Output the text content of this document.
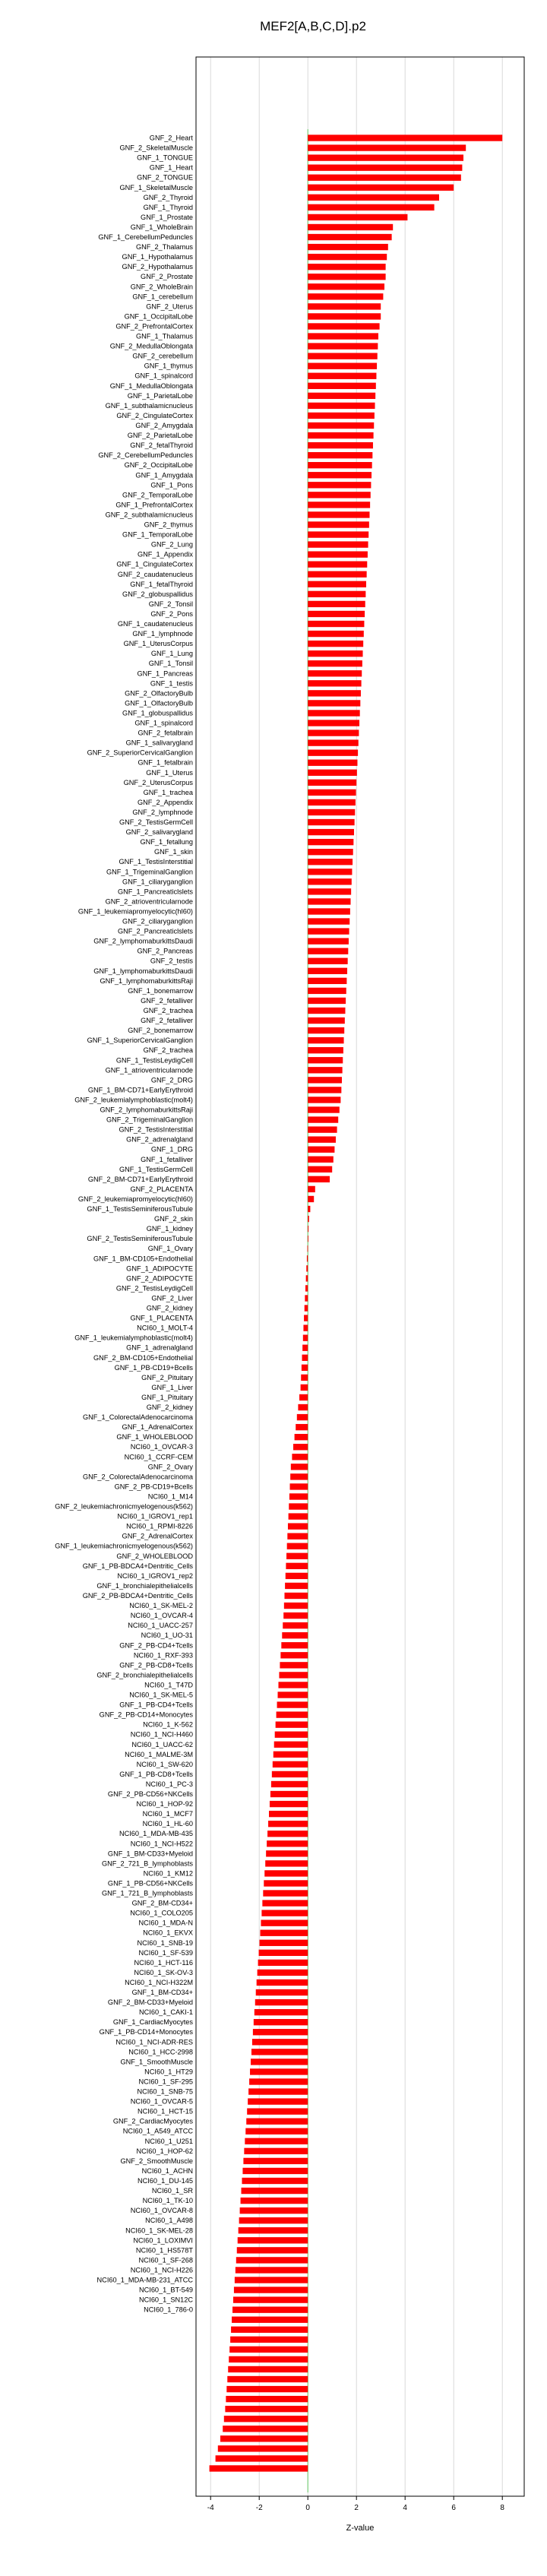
MEF2[A,B,C,D].p2
GNF_2_Heart
GNF_2_SkeletalMuscle
GNF_1_TONGUE
GNF_1_Heart
GNF_2_TONGUE
GNF_1_SkeletalMuscle
GNF_2_Thyroid
GNF_1_Thyroid
GNF_1_Prostate
GNF_1_WholeBrain
GNF_1_CerebellumPeduncles
GNF_2_Thalamus
GNF_1_Hypothalamus
GNF_2_Hypothalamus
GNF_2_Prostate
GNF_2_WholeBrain
GNF_1_cerebellum
GNF_2_Uterus
GNF_1_OccipitalLobe
GNF_2_PrefrontalCortex
GNF_1_Thalamus
GNF_2_MedullaOblongata
GNF_2_cerebellum
GNF_1_thymus
GNF_1_spinalcord
GNF_1_MedullaOblongata
GNF_1_ParietalLobe
GNF_1_subthalamicnucleus
GNF_2_CingulateCortex
GNF_2_Amygdala
GNF_2_ParietalLobe
GNF_2_fetalThyroid
GNF_2_CerebellumPeduncles
GNF_2_OccipitalLobe
GNF_1_Amygdala
GNF_1_Pons
GNF_2_TemporalLobe
GNF_1_PrefrontalCortex
GNF_2_subthalamicnucleus
GNF_2_thymus
GNF_1_TemporalLobe
GNF_2_Lung
GNF_1_Appendix
GNF_1_CingulateCortex
GNF_2_caudatenucleus
GNF_1_fetalThyroid
GNF_2_globuspallidus
GNF_2_Tonsil
GNF_2_Pons
GNF_1_caudatenucleus
GNF_1_lymphnode
GNF_1_UterusCorpus
GNF_1_Lung
GNF_1_Tonsil
GNF_1_Pancreas
GNF_1_testis
GNF_2_OlfactoryBulb
GNF_1_OlfactoryBulb
GNF_1_globuspallidus
GNF_1_spinalcord
GNF_2_fetalbrain
GNF_1_salivarygland
GNF_2_SuperiorCervicalGanglion
GNF_1_fetalbrain
GNF_1_Uterus
GNF_2_UterusCorpus
GNF_1_trachea
GNF_2_Appendix
GNF_2_lymphnode
GNF_2_TestisGermCell
GNF_2_salivarygland
GNF_1_fetallung
GNF_1_skin
GNF_1_TestisInterstitial
GNF_1_TrigeminalGanglion
GNF_1_ciliaryganglion
GNF_1_Pancreaticlslets
GNF_2_atrioventricularnode
GNF_1_leukemiapromyelocytic(hl60)
GNF_2_ciliaryganglion
GNF_2_Pancreaticlslets
GNF_2_lymphomaburkittsDaudi
GNF_2_Pancreas
GNF_2_testis
GNF_1_lymphomaburkittsDaudi
GNF_1_lymphomaburkittsRaji
GNF_1_bonemarrow
GNF_2_fetalliver
GNF_2_trachea
GNF_2_fetalliver
GNF_2_bonemarrow
GNF_1_SuperiorCervicalGanglion
GNF_2_trachea
GNF_1_TestisLeydigCell
GNF_1_atrioventricularnode
GNF_2_DRG
GNF_1_BM-CD71+EarlyErythroid
GNF_2_leukemialymphoblastic(molt4)
GNF_2_lymphomaburkittsRaji
GNF_2_TrigeminalGanglion
GNF_2_TestisInterstitial
GNF_2_adrenalgland
GNF_1_DRG
GNF_1_fetalliver
GNF_1_TestisGermCell
GNF_2_BM-CD71+EarlyErythroid
GNF_2_PLACENTA
GNF_2_leukemiapromyelocytic(hl60)
GNF_1_TestisSeminiferousTubule
GNF_2_skin
GNF_1_kidney
GNF_2_TestisSeminiferousTubule
GNF_1_Ovary
GNF_1_BM-CD105+Endothelial
GNF_1_ADIPOCYTE
GNF_2_ADIPOCYTE
GNF_2_TestisLeydigCell
GNF_2_Liver
GNF_2_kidney
GNF_1_PLACENTA
NCI60_1_MOLT-4
GNF_1_leukemialymphoblastic(molt4)
GNF_1_adrenalgland
GNF_2_BM-CD105+Endothelial
GNF_1_PB-CD19+Bcells
GNF_2_Pituitary
GNF_1_Liver
GNF_1_Pituitary
GNF_2_kidney
GNF_1_ColorectalAdenocarcinoma
GNF_1_AdrenalCortex
GNF_1_WHOLEBLOOD
NCI60_1_OVCAR-3
NCI60_1_CCRF-CEM
GNF_2_Ovary
GNF_2_ColorectalAdenocarcinoma
GNF_2_PB-CD19+Bcells
NCI60_1_M14
GNF_2_leukemiachronicmyelogenous(k562)
NCI60_1_IGROV1_rep1
NCI60_1_RPMI-8226
GNF_2_AdrenalCortex
GNF_1_leukemiachronicmyelogenous(k562)
GNF_2_WHOLEBLOOD
GNF_1_PB-BDCA4+Dentritic_Cells
NCI60_1_IGROV1_rep2
GNF_1_bronchialepithelialcells
GNF_2_PB-BDCA4+Dentritic_Cells
NCI60_1_SK-MEL-2
NCI60_1_OVCAR-4
NCI60_1_UACC-257
NCI60_1_UO-31
GNF_2_PB-CD4+Tcells
NCI60_1_RXF-393
GNF_2_PB-CD8+Tcells
GNF_2_bronchialepithelialcells
NCI60_1_T47D
NCI60_1_SK-MEL-5
GNF_1_PB-CD4+Tcells
GNF_2_PB-CD14+Monocytes
NCI60_1_K-562
NCI60_1_NCI-H460
NCI60_1_UACC-62
NCI60_1_MALME-3M
NCI60_1_SW-620
GNF_1_PB-CD8+Tcells
NCI60_1_PC-3
GNF_2_PB-CD56+NKCells
NCI60_1_HOP-92
NCI60_1_MCF7
NCI60_1_HL-60
NCI60_1_MDA-MB-435
NCI60_1_NCI-H522
GNF_1_BM-CD33+Myeloid
GNF_2_721_B_lymphoblasts
NCI60_1_KM12
GNF_1_PB-CD56+NKCells
GNF_1_721_B_lymphoblasts
GNF_2_BM-CD34+
NCI60_1_COLO205
NCI60_1_MDA-N
NCI60_1_EKVX
NCI60_1_SNB-19
NCI60_1_SF-539
NCI60_1_HCT-116
NCI60_1_SK-OV-3
NCI60_1_NCI-H322M
GNF_1_BM-CD34+
GNF_2_BM-CD33+Myeloid
NCI60_1_CAKI-1
GNF_1_CardiacMyocytes
GNF_1_PB-CD14+Monocytes
NCI60_1_NCI-ADR-RES
NCI60_1_HCC-2998
GNF_1_SmoothMuscle
NCI60_1_HT29
NCI60_1_SF-295
NCI60_1_SNB-75
NCI60_1_OVCAR-5
NCI60_1_HCT-15
GNF_2_CardiacMyocytes
NCI60_1_A549_ATCC
NCI60_1_U251
NCI60_1_HOP-62
GNF_2_SmoothMuscle
NCI60_1_ACHN
NCI60_1_DU-145
NCI60_1_SR
NCI60_1_TK-10
NCI60_1_OVCAR-8
NCI60_1_A498
NCI60_1_SK-MEL-28
NCI60_1_LOXIMVI
NCI60_1_HS578T
NCI60_1_SF-268
NCI60_1_NCI-H226
NCI60_1_MDA-MB-231_ATCC
NCI60_1_BT-549
NCI60_1_SN12C
NCI60_1_786-0
-4	-2	0	2	4	6	8
Z-value
